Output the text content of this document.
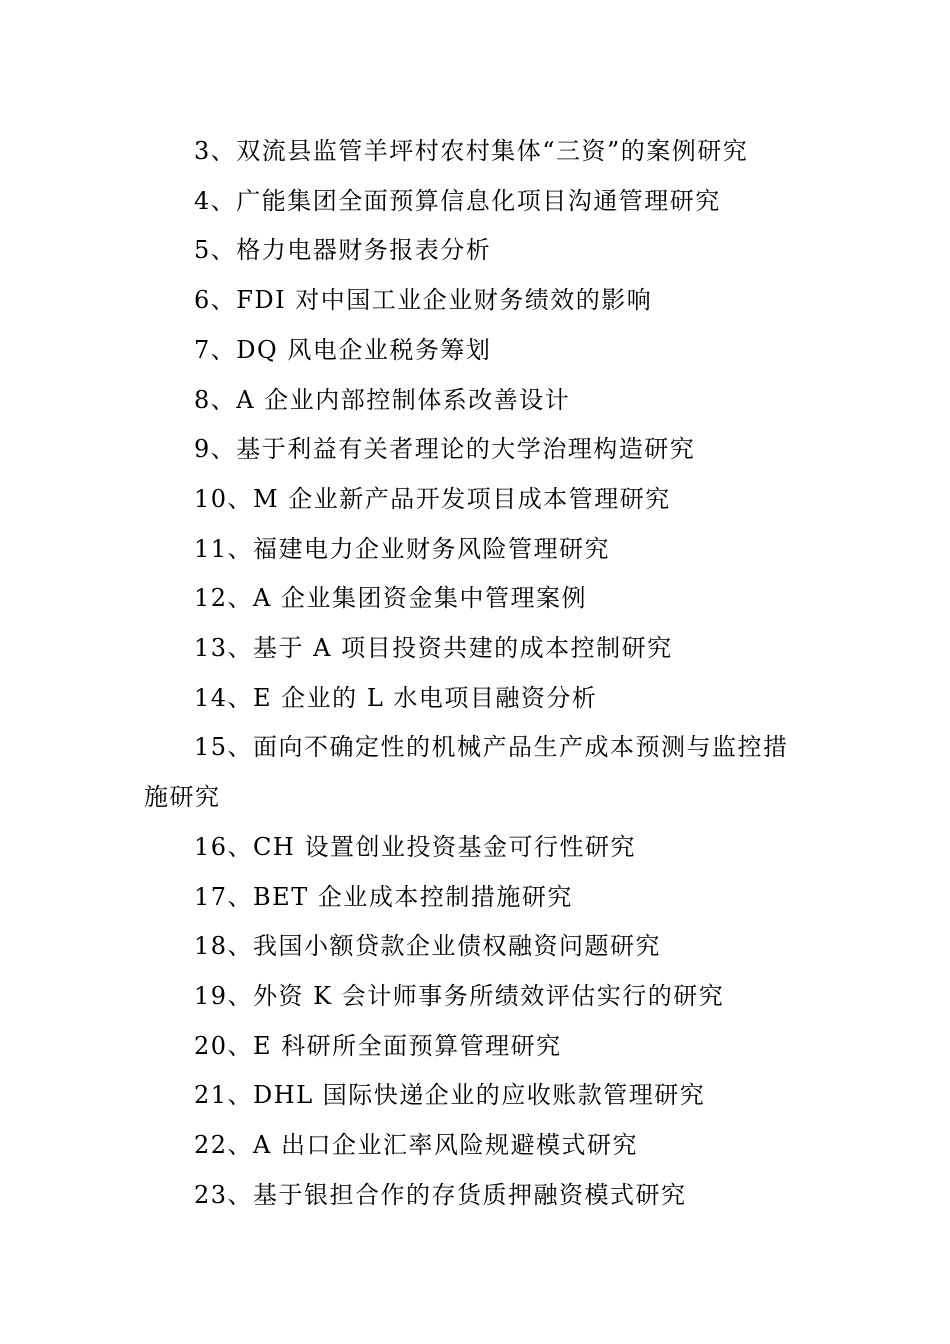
3、双流县监管羊坪村农村集体“三资”的案例研究
4、广能集团全面预算信息化项目沟通管理研究
5、格力电器财务报表分析
6、FDI 对中国工业企业财务绩效的影响
7、DQ 风电企业税务筹划
8、A 企业内部控制体系改善设计
9、基于利益有关者理论的大学治理构造研究
10、M 企业新产品开发项目成本管理研究
11、福建电力企业财务风险管理研究
12、A 企业集团资金集中管理案例
13、基于 A 项目投资共建的成本控制研究
14、E 企业的 L 水电项目融资分析
15、面向不确定性的机械产品生产成本预测与监控措施研究
16、CH 设置创业投资基金可行性研究
17、BET 企业成本控制措施研究
18、我国小额贷款企业债权融资问题研究
19、外资 K 会计师事务所绩效评估实行的研究
20、E 科研所全面预算管理研究
21、DHL 国际快递企业的应收账款管理研究
22、A 出口企业汇率风险规避模式研究
23、基于银担合作的存货质押融资模式研究
